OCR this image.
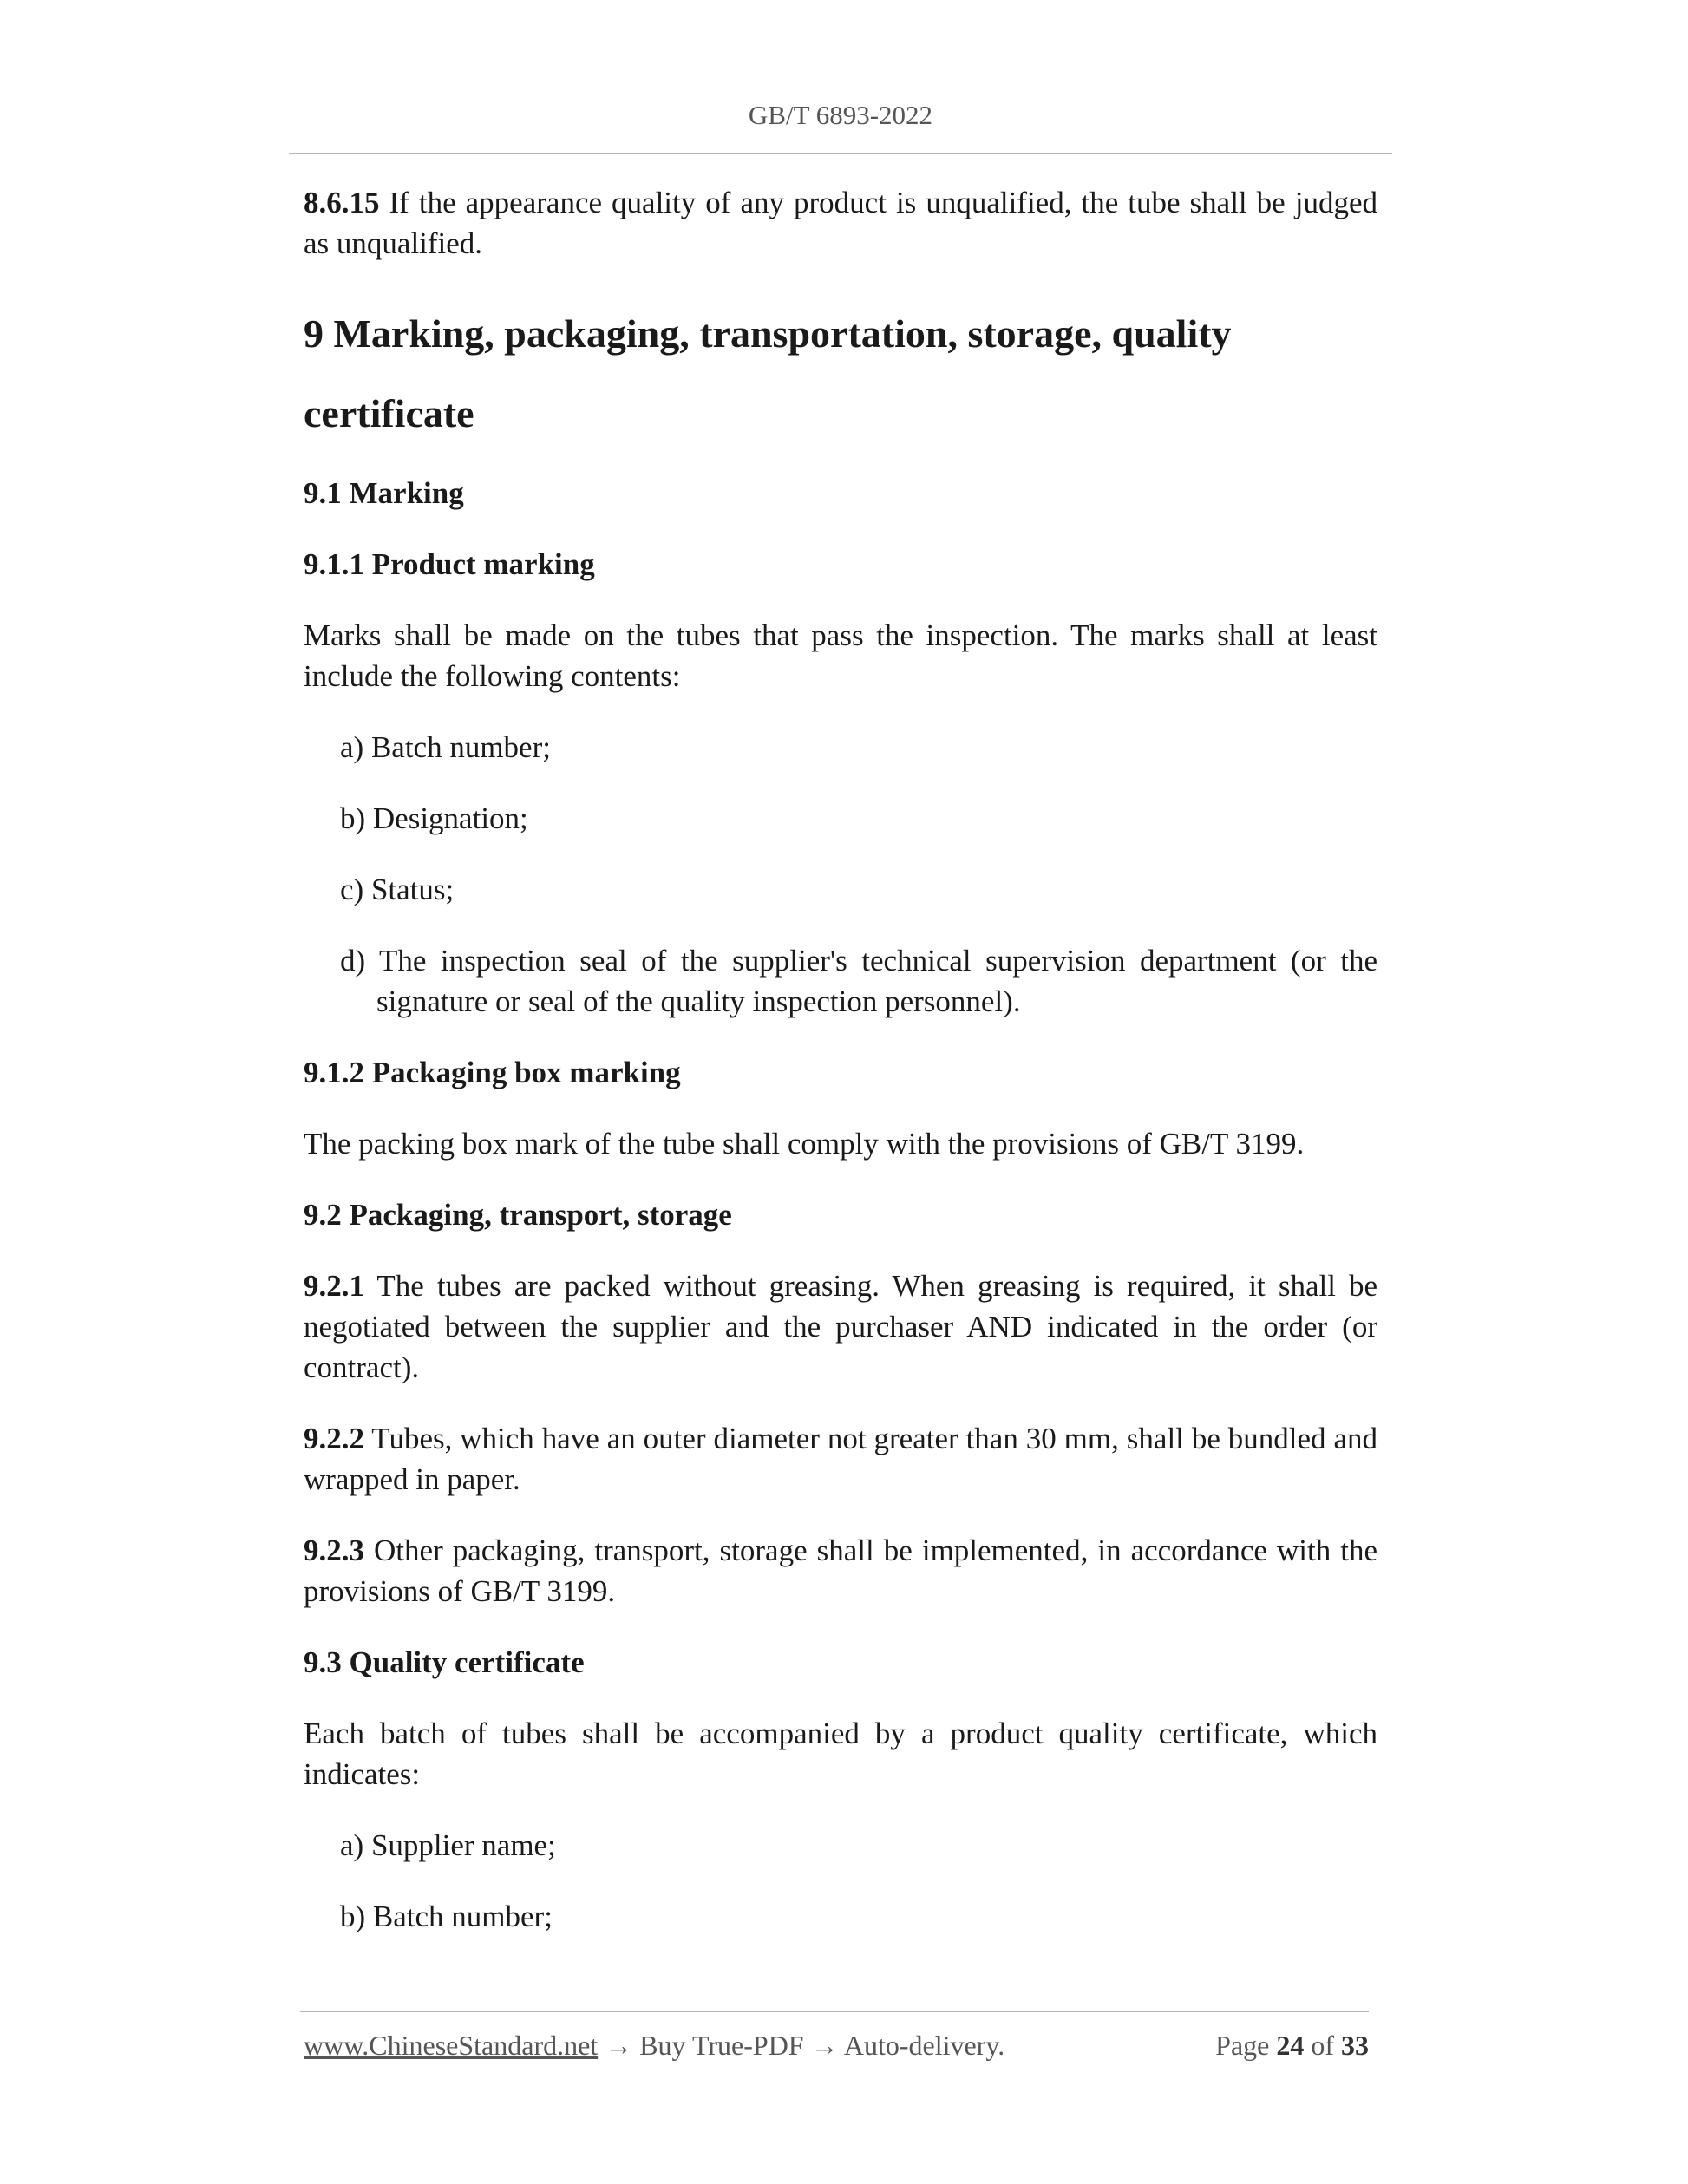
GB/T 6893-2022

8.6.15 If the appearance quality of any product is unqualified, the tube shall be judged as unqualified.

9 Marking, packaging, transportation, storage, quality
certificate
9.1 Marking
9.1.1 Product marking

Marks shall be made on the tubes that pass the inspection. The marks shall at least include the following contents:

a) Batch number;
b) Designation;
c) Status;
d) The inspection seal of the supplier's technical supervision department (or the signature or seal of the quality inspection personnel).
9.1.2 Packaging box marking

The packing box mark of the tube shall comply with the provisions of GB/T 3199.

9.2 Packaging, transport, storage

9.2.1 The tubes are packed without greasing. When greasing is required, it shall be negotiated between the supplier and the purchaser AND indicated in the order (or contract).

9.2.2 Tubes, which have an outer diameter not greater than 30 mm, shall be bundled and wrapped in paper.

9.2.3 Other packaging, transport, storage shall be implemented, in accordance with the provisions of GB/T 3199.

9.3 Quality certificate

Each batch of tubes shall be accompanied by a product quality certificate, which indicates:

a) Supplier name;
b) Batch number;
www.ChineseStandard.net → Buy True-PDF → Auto-delivery.	Page 24 of 33
